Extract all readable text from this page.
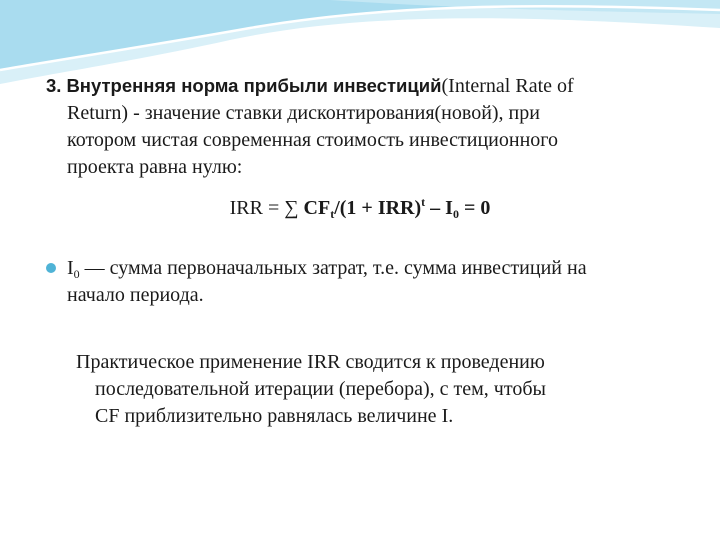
3. Внутренняя норма прибыли инвестиций(Internal Rate of
Return) - значение ставки дисконтирования(новой), при
котором чистая современная стоимость инвестиционного
проекта равна нулю:
IRR = ∑ $CF_t/(1 + IRR)^t - I_0 = 0$
$I_0$ — сумма первоначальных затрат, т.е. сумма инвестиций на
начало периода.
Практическое применение IRR сводится к проведению
последовательной итерации (перебора), с тем, чтобы
CF приблизительно равнялась величине I.
